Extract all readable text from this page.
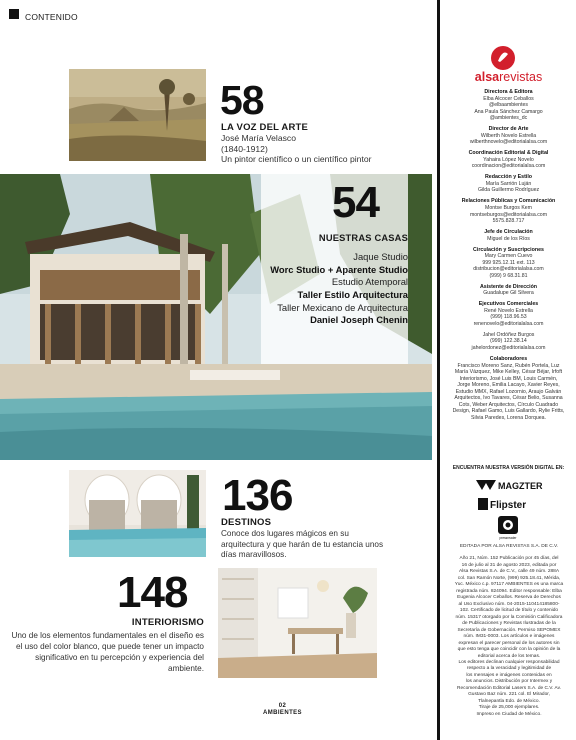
CONTENIDO
58
LA VOZ DEL ARTE
José María Velasco
(1840-1912)
Un pintor científico o un científico pintor
54
NUESTRAS CASAS
Jaque Studio
Worc Studio + Aparente Studio
Estudio Atemporal
Taller Estilo Arquitectura
Taller Mexicano de Arquitectura
Daniel Joseph Chenin
136
DESTINOS
Conoce dos lugares mágicos en su arquitectura y que harán de tu estancia unos días maravillosos.
148
INTERIORISMO
Uno de los elementos fundamentales en el diseño es el uso del color blanco, que puede tener un impacto significativo en tu percepción y experiencia del ambiente.
02
AMBIENTES
alsarevistas
Directora & Editora
Elba Alcocer Ceballos
@elbaambientes
Ana Paula Sánchez Camargo
@ambientes_dc
Director de Arte
Wilberth Novelo Estrella
wilberthnovelo@editorialalsa.com
Coordinación Editorial & Digital
Yahaira López Novelo
coordinacion@editorialalsa.com
Redacción y Estilo
María Sarrión Luján
Gilda Guillermo Rodríguez
Relaciones Públicas y Comunicación
Montse Burgos Kem
montseburgos@editorialalsa.com
5575.828.717
Jefe de Circulación
Miguel de los Ríos
Circulación y Suscripciones
Mary Carmen Cuevo
999 925.12.11 ext. 113
distribucion@editorialalsa.com
(999) 9 68.31.81
Asistente de Dirección
Guadalupe Gil Silvera
Ejecutivos Comerciales
René Novelo Estrella
(999) 118.96.53
renenovelo@editorialalsa.com
Jahel Ordóñez Burgos
(999) 122.38.14
jahelordonez@editorialalsa.com
Colaboradores
Francisco Moreno Sanz, Rubén Portela, Luz
María Vázquez, Mike Kelley, César Béjar, Irfoft
Interiorismo, José Luis BM, Louis Carmén,
Jorge Moreno, Emilia Lacayo, Xavier Reyes,
Estudio MMX, Rafael Lozornio, Araujo Galván
Arquitectos, Ivo Tavares, César Belio, Susanna
Cots, Weber Arquitectos, Círculo Cuadrado
Design, Rafael Gamo, Luis Gallardo, Rylie Fritts,
Silvia Paredes, Lorena Dorquea.
ENCUENTRA NUESTRA VERSIÓN DIGITAL EN:
MAGZTER
Flipster
pressreader
EDITADA POR ALSA REVISTAS S.A. DE C.V.
Año 21, Núm. 152 Publicación por 45 días, del
16 de julio al 31 de agosto 2023, editada por
Alsa Revistas S.A. de C.V., calle 49 núm. 288A
col. San Ramón Norte, (999) 925.18.41, Mérida,
Yuc. México c.p. 97117 AMBIENTES es una marca
registrada núm. 824094. Editor responsable: Elba
Eugenia Alcocer Ceballos. Reserva de Derechos
al Uso Exclusivo núm. 04-2015-110414185800-
102. Certificado de licitud de título y contenido
núm. 15317 otorgado por la Comisión Calificadora
de Publicaciones y Revistas Ilustradas de la
Secretaría de Gobernación. Permiso SEPOMEX
núm. IM31-0003. Los artículos e imágenes
expresan el parecer personal de los autores sin
que esto tenga que coincidir con la opinión de la
editorial acerca de los temas.
Los editores declinan cualquier responsabilidad
respecto a la veracidad y legitimidad de
los mensajes e imágenes contenidas en
los anuncios. Distribución por Intermex y
Recomendación Editorial Lasers S.A. de C.V. Av.
Gustavo Baz núm. 221 col. El Mirador,
Tlalnepantla Edo. de México.
Tiraje de 25,000 ejemplares.
Impreso en Ciudad de México.
